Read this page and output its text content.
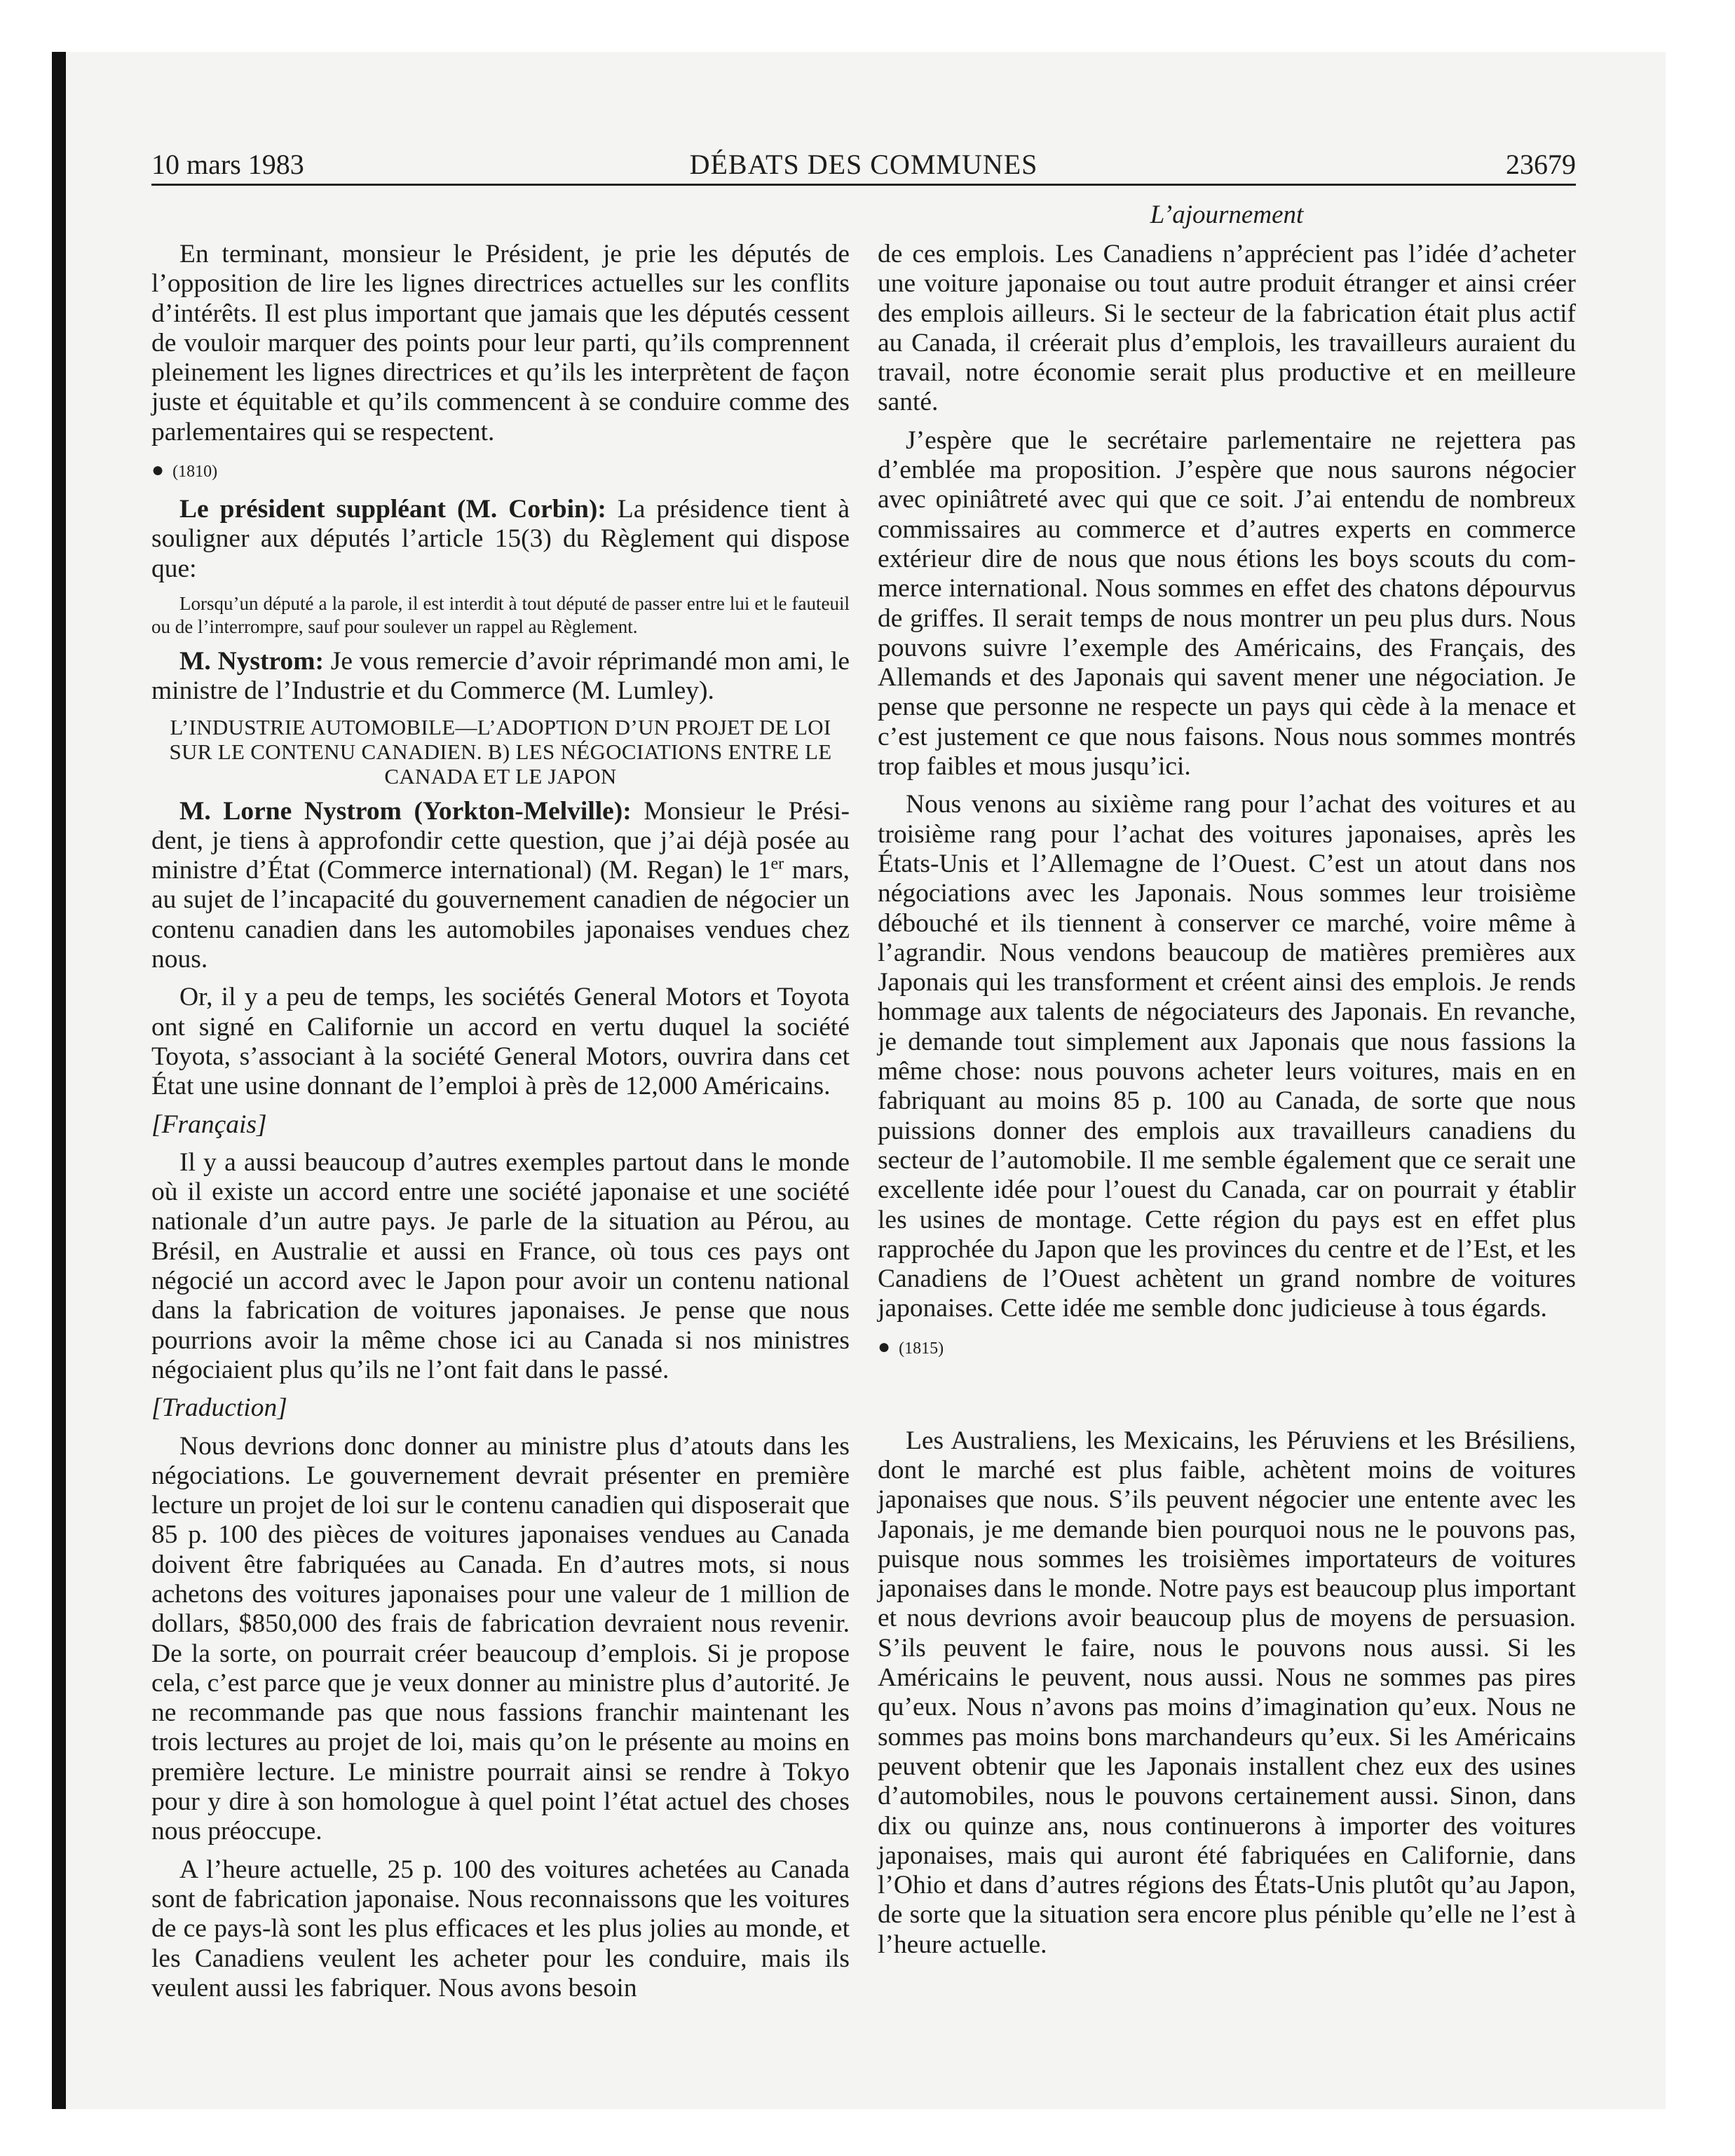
10 mars 1983	DÉBATS DES COMMUNES	23679
L’ajournement

En terminant, monsieur le Président, je prie les députés de l’opposition de lire les lignes directrices actuelles sur les conflits d’intérêts. Il est plus important que jamais que les députés cessent de vouloir marquer des points pour leur parti, qu’ils comprennent pleinement les lignes directrices et qu’ils les interprètent de façon juste et équitable et qu’ils commencent à se conduire comme des parlementaires qui se respectent.

● (1810)

Le président suppléant (M. Corbin): La présidence tient à souligner aux députés l’article 15(3) du Règlement qui dispose que:

Lorsqu’un député a la parole, il est interdit à tout député de passer entre lui et le fauteuil ou de l’interrompre, sauf pour soulever un rappel au Règlement.

M. Nystrom: Je vous remercie d’avoir réprimandé mon ami, le ministre de l’Industrie et du Commerce (M. Lumley).

L’INDUSTRIE AUTOMOBILE—L’ADOPTION D’UN PROJET DE LOI SUR LE CONTENU CANADIEN. B) LES NÉGOCIATIONS ENTRE LE CANADA ET LE JAPON

M. Lorne Nystrom (Yorkton-Melville): Monsieur le Président, je tiens à approfondir cette question, que j’ai déjà posée au ministre d’État (Commerce international) (M. Regan) le 1er mars, au sujet de l’incapacité du gouvernement canadien de négocier un contenu canadien dans les automobiles japonaises vendues chez nous.

Or, il y a peu de temps, les sociétés General Motors et Toyota ont signé en Californie un accord en vertu duquel la société Toyota, s’associant à la société General Motors, ouvrira dans cet État une usine donnant de l’emploi à près de 12,000 Américains.

[Français]

Il y a aussi beaucoup d’autres exemples partout dans le monde où il existe un accord entre une société japonaise et une société nationale d’un autre pays. Je parle de la situation au Pérou, au Brésil, en Australie et aussi en France, où tous ces pays ont négocié un accord avec le Japon pour avoir un contenu national dans la fabrication de voitures japonaises. Je pense que nous pourrions avoir la même chose ici au Canada si nos ministres négociaient plus qu’ils ne l’ont fait dans le passé.

[Traduction]

Nous devrions donc donner au ministre plus d’atouts dans les négociations. Le gouvernement devrait présenter en première lecture un projet de loi sur le contenu canadien qui disposerait que 85 p. 100 des pièces de voitures japonaises vendues au Canada doivent être fabriquées au Canada. En d’autres mots, si nous achetons des voitures japonaises pour une valeur de 1 million de dollars, $850,000 des frais de fabrication devraient nous revenir. De la sorte, on pourrait créer beaucoup d’emplois. Si je propose cela, c’est parce que je veux donner au ministre plus d’autorité. Je ne recommande pas que nous fassions franchir maintenant les trois lectures au projet de loi, mais qu’on le présente au moins en première lecture. Le ministre pourrait ainsi se rendre à Tokyo pour y dire à son homologue à quel point l’état actuel des choses nous préoccupe.

A l’heure actuelle, 25 p. 100 des voitures achetées au Canada sont de fabrication japonaise. Nous reconnaissons que les voitures de ce pays-là sont les plus efficaces et les plus jolies au monde, et les Canadiens veulent les acheter pour les conduire, mais ils veulent aussi les fabriquer. Nous avons besoin

de ces emplois. Les Canadiens n’apprécient pas l’idée d’acheter une voiture japonaise ou tout autre produit étranger et ainsi créer des emplois ailleurs. Si le secteur de la fabrication était plus actif au Canada, il créerait plus d’emplois, les travailleurs auraient du travail, notre économie serait plus productive et en meilleure santé.

J’espère que le secrétaire parlementaire ne rejettera pas d’emblée ma proposition. J’espère que nous saurons négocier avec opiniâtreté avec qui que ce soit. J’ai entendu de nombreux commissaires au commerce et d’autres experts en commerce extérieur dire de nous que nous étions les boys scouts du commerce international. Nous sommes en effet des chatons dépourvus de griffes. Il serait temps de nous montrer un peu plus durs. Nous pouvons suivre l’exemple des Américains, des Français, des Allemands et des Japonais qui savent mener une négociation. Je pense que personne ne respecte un pays qui cède à la menace et c’est justement ce que nous faisons. Nous nous sommes montrés trop faibles et mous jusqu’ici.

Nous venons au sixième rang pour l’achat des voitures et au troisième rang pour l’achat des voitures japonaises, après les États-Unis et l’Allemagne de l’Ouest. C’est un atout dans nos négociations avec les Japonais. Nous sommes leur troisième débouché et ils tiennent à conserver ce marché, voire même à l’agrandir. Nous vendons beaucoup de matières premières aux Japonais qui les transforment et créent ainsi des emplois. Je rends hommage aux talents de négociateurs des Japonais. En revanche, je demande tout simplement aux Japonais que nous fassions la même chose: nous pouvons acheter leurs voitures, mais en en fabriquant au moins 85 p. 100 au Canada, de sorte que nous puissions donner des emplois aux travailleurs canadiens du secteur de l’automobile. Il me semble également que ce serait une excellente idée pour l’ouest du Canada, car on pourrait y établir les usines de montage. Cette région du pays est en effet plus rapprochée du Japon que les provinces du centre et de l’Est, et les Canadiens de l’Ouest achètent un grand nombre de voitures japonaises. Cette idée me semble donc judicieuse à tous égards.

● (1815)

Les Australiens, les Mexicains, les Péruviens et les Brésiliens, dont le marché est plus faible, achètent moins de voitures japonaises que nous. S’ils peuvent négocier une entente avec les Japonais, je me demande bien pourquoi nous ne le pouvons pas, puisque nous sommes les troisièmes importateurs de voitures japonaises dans le monde. Notre pays est beaucoup plus important et nous devrions avoir beaucoup plus de moyens de persuasion. S’ils peuvent le faire, nous le pouvons nous aussi. Si les Américains le peuvent, nous aussi. Nous ne sommes pas pires qu’eux. Nous n’avons pas moins d’imagination qu’eux. Nous ne sommes pas moins bons marchandeurs qu’eux. Si les Américains peuvent obtenir que les Japonais installent chez eux des usines d’automobiles, nous le pouvons certainement aussi. Sinon, dans dix ou quinze ans, nous continuerons à importer des voitures japonaises, mais qui auront été fabriquées en Californie, dans l’Ohio et dans d’autres régions des États-Unis plutôt qu’au Japon, de sorte que la situation sera encore plus pénible qu’elle ne l’est à l’heure actuelle.
